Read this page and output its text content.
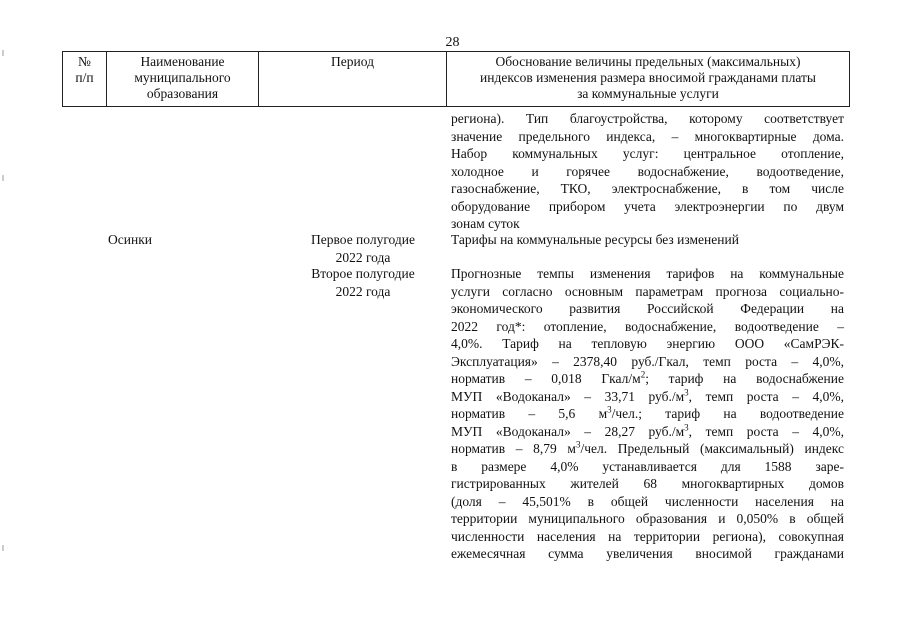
28
№
п/п
Наименование
муниципального
образования
Период	Обоснование величины предельных (максимальных)
индексов изменения размера вносимой гражданами платы
за коммунальные услуги
региона). Тип благоустройства, которому соответствует
значение предельного индекса, – многоквартирные дома.
Набор коммунальных услуг: центральное отопление,
холодное и горячее водоснабжение, водоотведение,
газоснабжение, ТКО, электроснабжение, в том числе
оборудование прибором учета электроэнергии по двум
зонам суток
Осинки	Первое полугодие
2022 года
Тарифы на коммунальные ресурсы без изменений
Второе полугодие
2022 года
Прогнозные темпы изменения тарифов на коммунальные
услуги согласно основным параметрам прогноза социально-
экономического развития Российской Федерации на
2022 год*: отопление, водоснабжение, водоотведение –
4,0%. Тариф на тепловую энергию ООО «СамРЭК-
Эксплуатация» – 2378,40 руб./Гкал, темп роста – 4,0%,
норматив – 0,018 Гкал/$м^2$; тариф на водоснабжение
МУП «Водоканал» – 33,71 $руб./м^3$, темп роста – 4,0%,
норматив – 5,6 $м^3$/чел.; тариф на водоотведение
МУП «Водоканал» – 28,27 $руб./м^3$, темп роста – 4,0%,
норматив – 8,79 $м^3$/чел. Предельный (максимальный) индекс
в размере 4,0% устанавливается для 1588 заре-
гистрированных жителей 68 многоквартирных домов
(доля – 45,501% в общей численности населения на
территории муниципального образования и 0,050% в общей
численности населения на территории региона), совокупная
ежемесячная сумма увеличения вносимой гражданами
